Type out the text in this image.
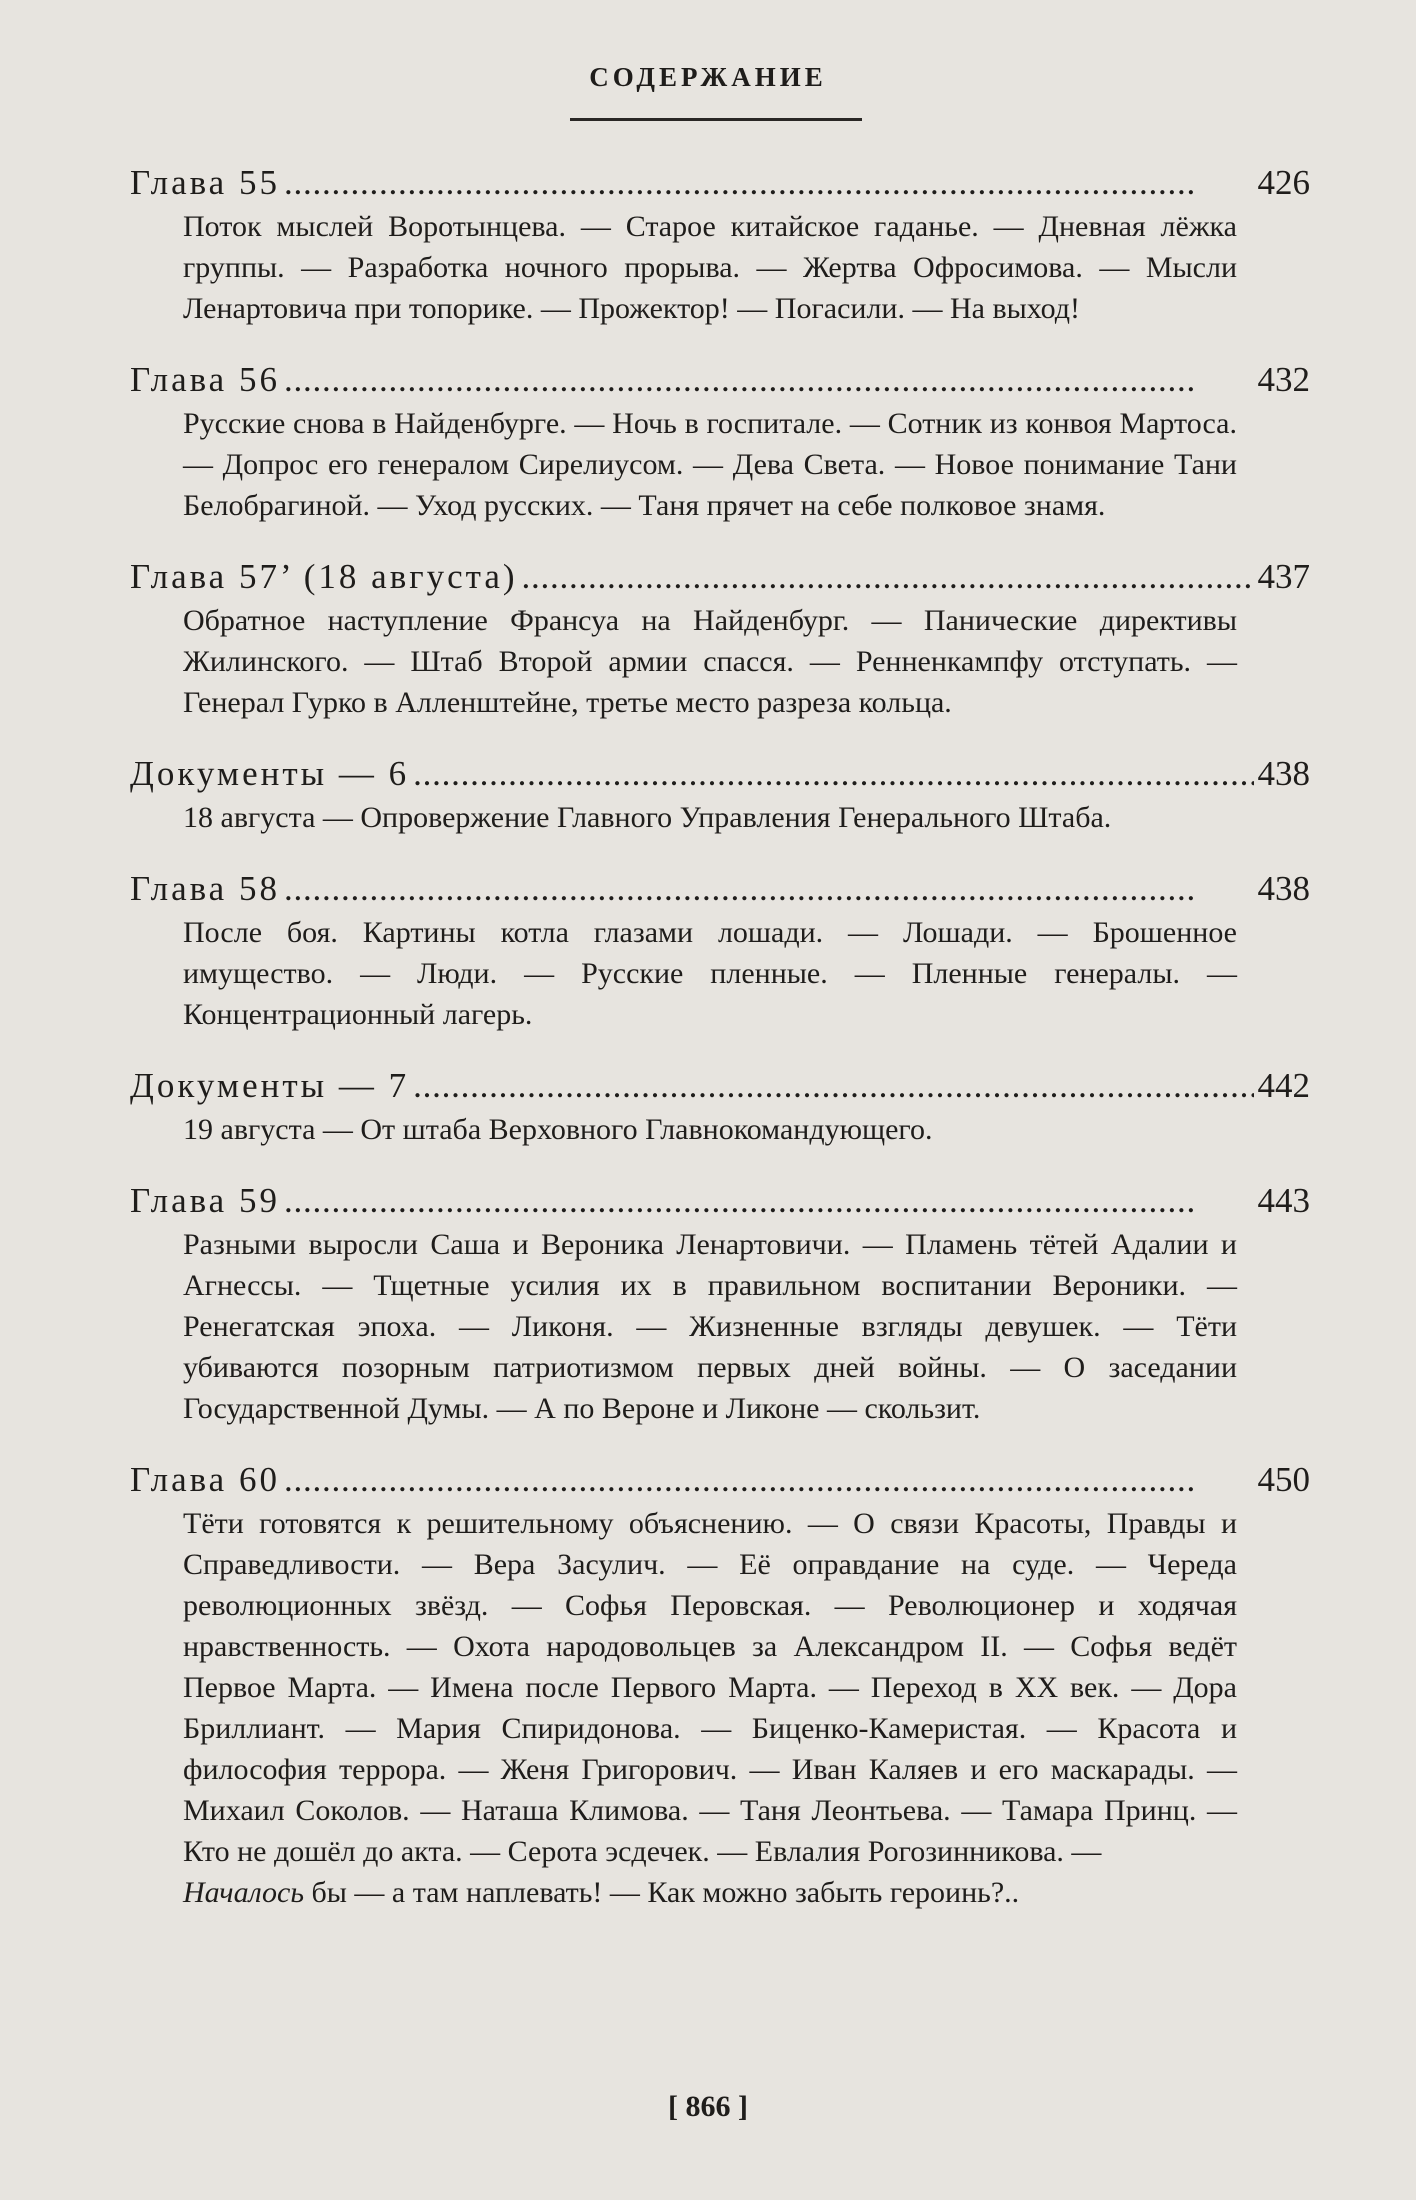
СОДЕРЖАНИЕ
Глава 55 . . .	426
Поток мыслей Воротынцева. — Старое китайское гаданье. — Дневная лёжка группы. — Разработка ночного прорыва. — Жертва Офросимова. — Мысли Ленартовича при топорике. — Прожектор! — Погасили. — На выход!
Глава 56 . . .	432
Русские снова в Найденбурге. — Ночь в госпитале. — Сотник из конвоя Мартоса. — Допрос его генералом Сирелиусом. — Дева Света. — Новое понимание Тани Белобрагиной. — Уход русских. — Таня прячет на себе полковое знамя.
Глава 57’ (18 августа) . . .	437
Обратное наступление Франсуа на Найденбург. — Панические директивы Жилинского. — Штаб Второй армии спасся. — Ренненкампфу отступать. — Генерал Гурко в Алленштейне, третье место разреза кольца.
Документы — 6 . . .	438
18 августа — Опровержение Главного Управления Генерального Штаба.
Глава 58 . . .	438
После боя. Картины котла глазами лошади. — Лошади. — Брошенное имущество. — Люди. — Русские пленные. — Пленные генералы. — Концентрационный лагерь.
Документы — 7 . . .	442
19 августа — От штаба Верховного Главнокомандующего.
Глава 59 . . .	443
Разными выросли Саша и Вероника Ленартовичи. — Пламень тётей Адалии и Агнессы. — Тщетные усилия их в правильном воспитании Вероники. — Ренегатская эпоха. — Ликоня. — Жизненные взгляды девушек. — Тёти убиваются позорным патриотизмом первых дней войны. — О заседании Государственной Думы. — А по Вероне и Ликоне — скользит.
Глава 60 . . .	450
Тёти готовятся к решительному объяснению. — О связи Красоты, Правды и Справедливости. — Вера Засулич. — Её оправдание на суде. — Череда революционных звёзд. — Софья Перовская. — Революционер и ходячая нравственность. — Охота народовольцев за Александром II. — Софья ведёт Первое Марта. — Имена после Первого Марта. — Переход в XX век. — Дора Бриллиант. — Мария Спиридонова. — Биценко-Камеристая. — Красота и философия террора. — Женя Григорович. — Иван Каляев и его маскарады. — Михаил Соколов. — Наташа Климова. — Таня Леонтьева. — Тамара Принц. — Кто не дошёл до акта. — Серота эсдечек. — Евлалия Рогозинникова. —
Началось бы — а там наплевать! — Как можно забыть героинь?..
[ 866 ]
